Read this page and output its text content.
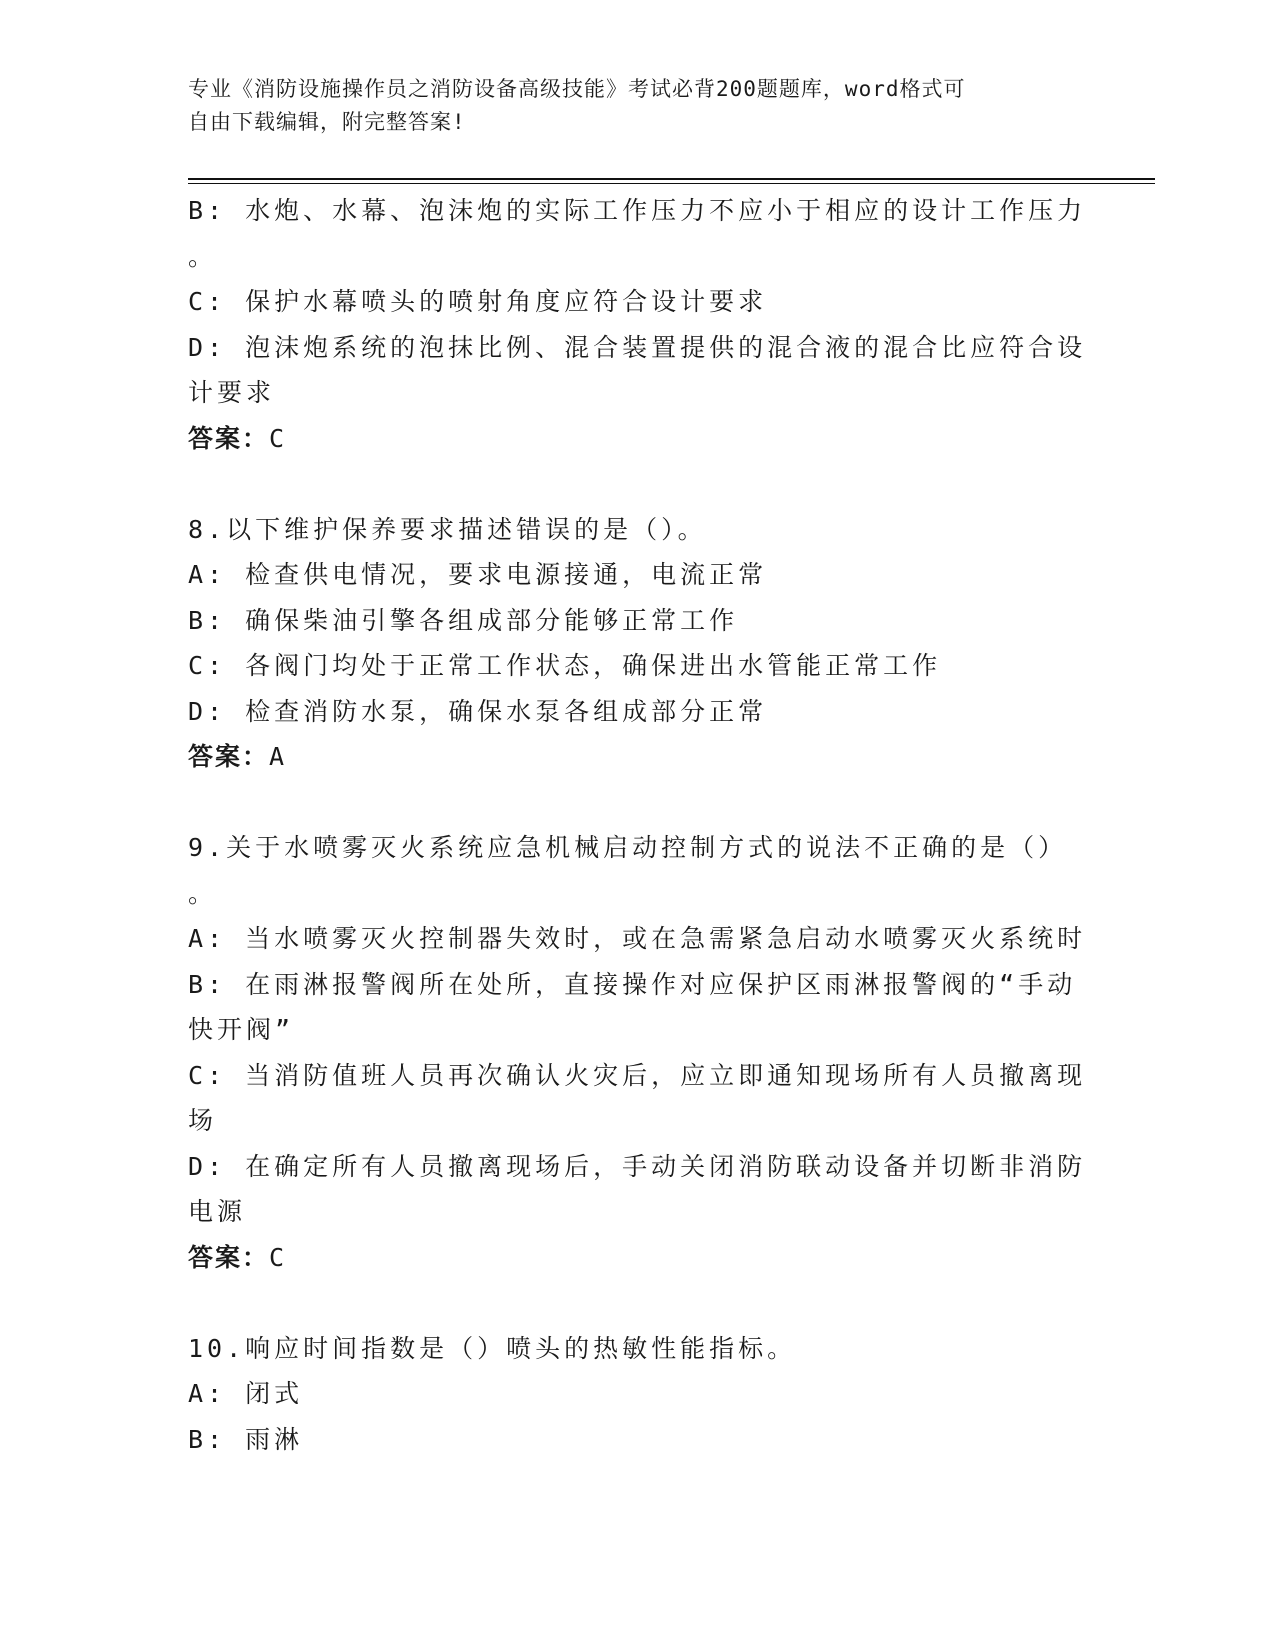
专业《消防设施操作员之消防设备高级技能》考试必背200题题库，word格式可
自由下载编辑，附完整答案!
B: 水炮、水幕、泡沫炮的实际工作压力不应小于相应的设计工作压力
。
C: 保护水幕喷头的喷射角度应符合设计要求
D: 泡沫炮系统的泡抹比例、混合装置提供的混合液的混合比应符合设
计要求
答案：C
8.以下维护保养要求描述错误的是（）。
A: 检查供电情况，要求电源接通，电流正常
B: 确保柴油引擎各组成部分能够正常工作
C: 各阀门均处于正常工作状态，确保进出水管能正常工作
D: 检查消防水泵，确保水泵各组成部分正常
答案：A
9.关于水喷雾灭火系统应急机械启动控制方式的说法不正确的是（）
。
A: 当水喷雾灭火控制器失效时，或在急需紧急启动水喷雾灭火系统时
B: 在雨淋报警阀所在处所，直接操作对应保护区雨淋报警阀的“手动
快开阀”
C: 当消防值班人员再次确认火灾后，应立即通知现场所有人员撤离现
场
D: 在确定所有人员撤离现场后，手动关闭消防联动设备并切断非消防
电源
答案：C
10.响应时间指数是（）喷头的热敏性能指标。
A: 闭式
B: 雨淋
